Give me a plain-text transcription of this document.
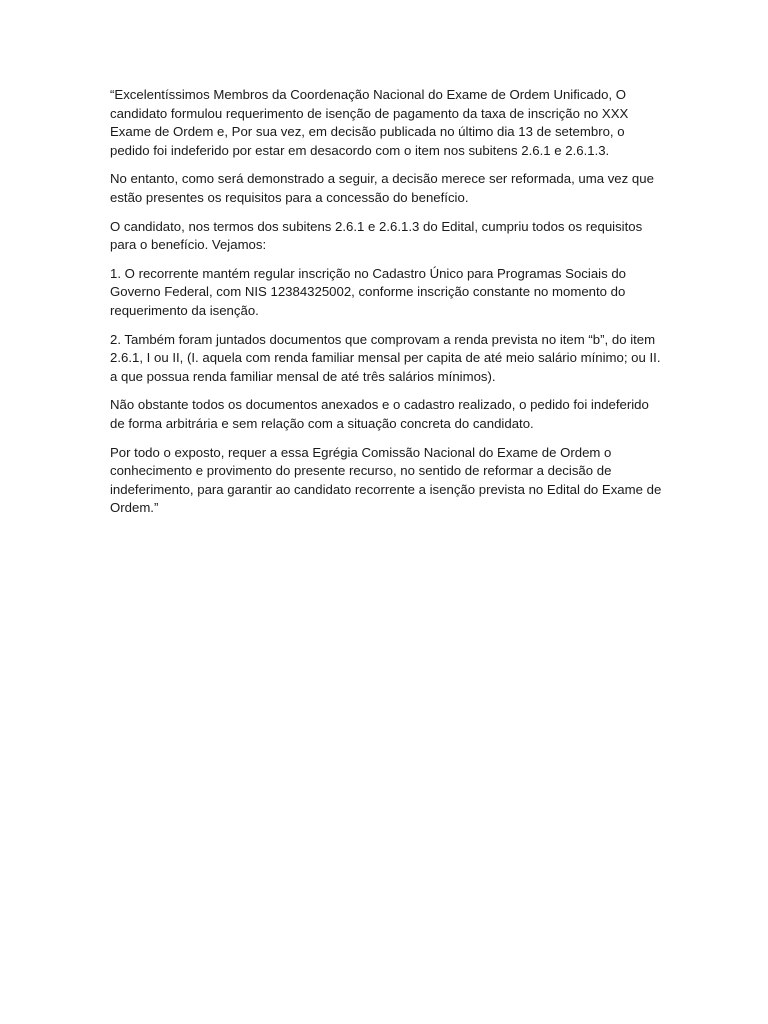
“Excelentíssimos Membros da Coordenação Nacional do Exame de Ordem Unificado, O candidato formulou requerimento de isenção de pagamento da taxa de inscrição no XXX Exame de Ordem e, Por sua vez, em decisão publicada no último dia 13 de setembro, o pedido foi indeferido por estar em desacordo com o item nos subitens 2.6.1 e 2.6.1.3.

No entanto, como será demonstrado a seguir, a decisão merece ser reformada, uma vez que estão presentes os requisitos para a concessão do benefício.

O candidato, nos termos dos subitens 2.6.1 e 2.6.1.3 do Edital, cumpriu todos os requisitos para o benefício. Vejamos:

1. O recorrente mantém regular inscrição no Cadastro Único para Programas Sociais do Governo Federal, com NIS 12384325002, conforme inscrição constante no momento do requerimento da isenção.

2. Também foram juntados documentos que comprovam a renda prevista no item “b”, do item 2.6.1, I ou II, (I. aquela com renda familiar mensal per capita de até meio salário mínimo; ou II. a que possua renda familiar mensal de até três salários mínimos).

Não obstante todos os documentos anexados e o cadastro realizado, o pedido foi indeferido de forma arbitrária e sem relação com a situação concreta do candidato.

Por todo o exposto, requer a essa Egrégia Comissão Nacional do Exame de Ordem o conhecimento e provimento do presente recurso, no sentido de reformar a decisão de indeferimento, para garantir ao candidato recorrente a isenção prevista no Edital do Exame de Ordem.”
